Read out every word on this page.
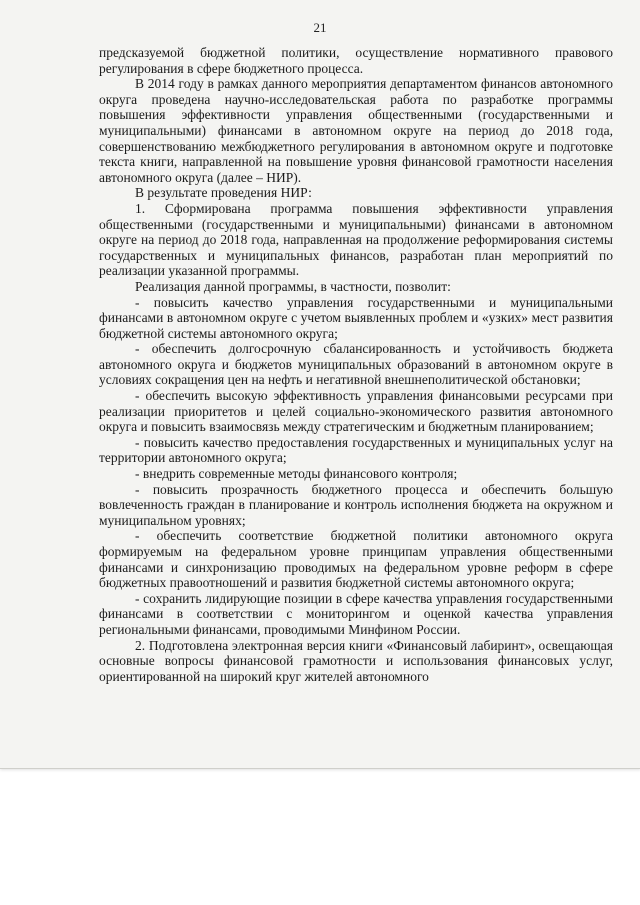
21

предсказуемой бюджетной политики, осуществление нормативного правового регулирования в сфере бюджетного процесса.

В 2014 году в рамках данного мероприятия департаментом финансов автономного округа проведена научно-исследовательская работа по разработке программы повышения эффективности управления общественными (государственными и муниципальными) финансами в автономном округе на период до 2018 года, совершенствованию межбюджетного регулирования в автономном округе и подготовке текста книги, направленной на повышение уровня финансовой грамотности населения автономного округа (далее – НИР).

В результате проведения НИР:

1. Сформирована программа повышения эффективности управления общественными (государственными и муниципальными) финансами в автономном округе на период до 2018 года, направленная на продолжение реформирования системы государственных и муниципальных финансов, разработан план мероприятий по реализации указанной программы.

Реализация данной программы, в частности, позволит:

- повысить качество управления государственными и муниципальными финансами в автономном округе с учетом выявленных проблем и «узких» мест развития бюджетной системы автономного округа;

- обеспечить долгосрочную сбалансированность и устойчивость бюджета автономного округа и бюджетов муниципальных образований в автономном округе в условиях сокращения цен на нефть и негативной внешнеполитической обстановки;

- обеспечить высокую эффективность управления финансовыми ресурсами при реализации приоритетов и целей социально-экономического развития автономного округа и повысить взаимосвязь между стратегическим и бюджетным планированием;

- повысить качество предоставления государственных и муниципальных услуг на территории автономного округа;

- внедрить современные методы финансового контроля;

- повысить прозрачность бюджетного процесса и обеспечить большую вовлеченность граждан в планирование и контроль исполнения бюджета на окружном и муниципальном уровнях;

- обеспечить соответствие бюджетной политики автономного округа формируемым на федеральном уровне принципам управления общественными финансами и синхронизацию проводимых на федеральном уровне реформ в сфере бюджетных правоотношений и развития бюджетной системы автономного округа;

- сохранить лидирующие позиции в сфере качества управления государственными финансами в соответствии с мониторингом и оценкой качества управления региональными финансами, проводимыми Минфином России.

2. Подготовлена электронная версия книги «Финансовый лабиринт», освещающая основные вопросы финансовой грамотности и использования финансовых услуг, ориентированной на широкий круг жителей автономного
